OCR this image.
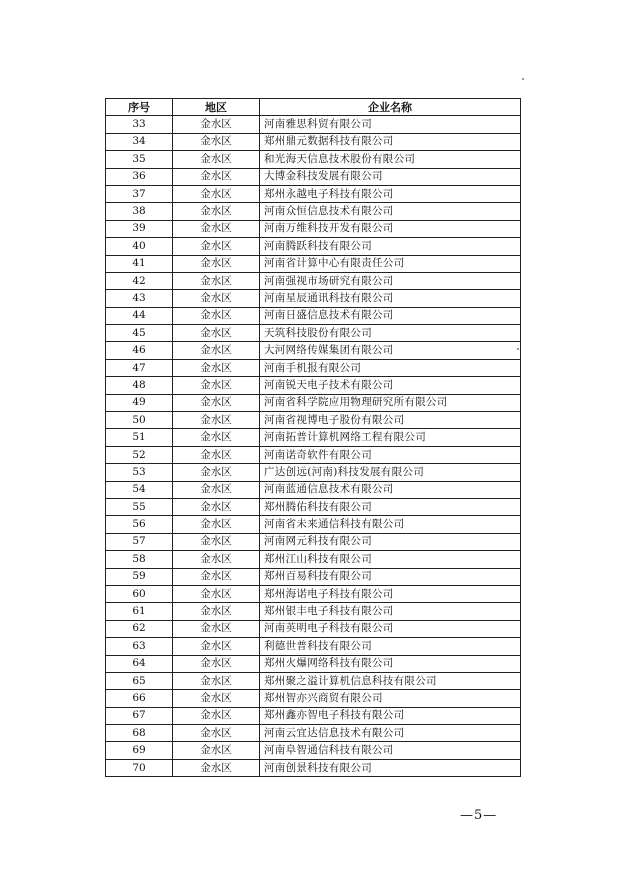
序号	地区	企业名称
33	金水区	河南雅思科贸有限公司
34	金水区	郑州鼎元数据科技有限公司
35	金水区	和光海天信息技术股份有限公司
36	金水区	大博金科技发展有限公司
37	金水区	郑州永越电子科技有限公司
38	金水区	河南众恒信息技术有限公司
39	金水区	河南万维科技开发有限公司
40	金水区	河南腾跃科技有限公司
41	金水区	河南省计算中心有限责任公司
42	金水区	河南强视市场研究有限公司
43	金水区	河南星辰通讯科技有限公司
44	金水区	河南日盛信息技术有限公司
45	金水区	天筑科技股份有限公司
46	金水区	大河网络传媒集团有限公司
47	金水区	河南手机报有限公司
48	金水区	河南锐天电子技术有限公司
49	金水区	河南省科学院应用物理研究所有限公司
50	金水区	河南省视博电子股份有限公司
51	金水区	河南拓普计算机网络工程有限公司
52	金水区	河南诺奇软件有限公司
53	金水区	广达创远(河南)科技发展有限公司
54	金水区	河南蓝通信息技术有限公司
55	金水区	郑州腾佑科技有限公司
56	金水区	河南省未来通信科技有限公司
57	金水区	河南网元科技有限公司
58	金水区	郑州江山科技有限公司
59	金水区	郑州百易科技有限公司
60	金水区	郑州海诺电子科技有限公司
61	金水区	郑州银丰电子科技有限公司
62	金水区	河南英明电子科技有限公司
63	金水区	利德世普科技有限公司
64	金水区	郑州火爆网络科技有限公司
65	金水区	郑州聚之溢计算机信息科技有限公司
66	金水区	郑州智亦兴商贸有限公司
67	金水区	郑州鑫亦智电子科技有限公司
68	金水区	河南云宜达信息技术有限公司
69	金水区	河南阜智通信科技有限公司
70	金水区	河南创景科技有限公司
—5—
